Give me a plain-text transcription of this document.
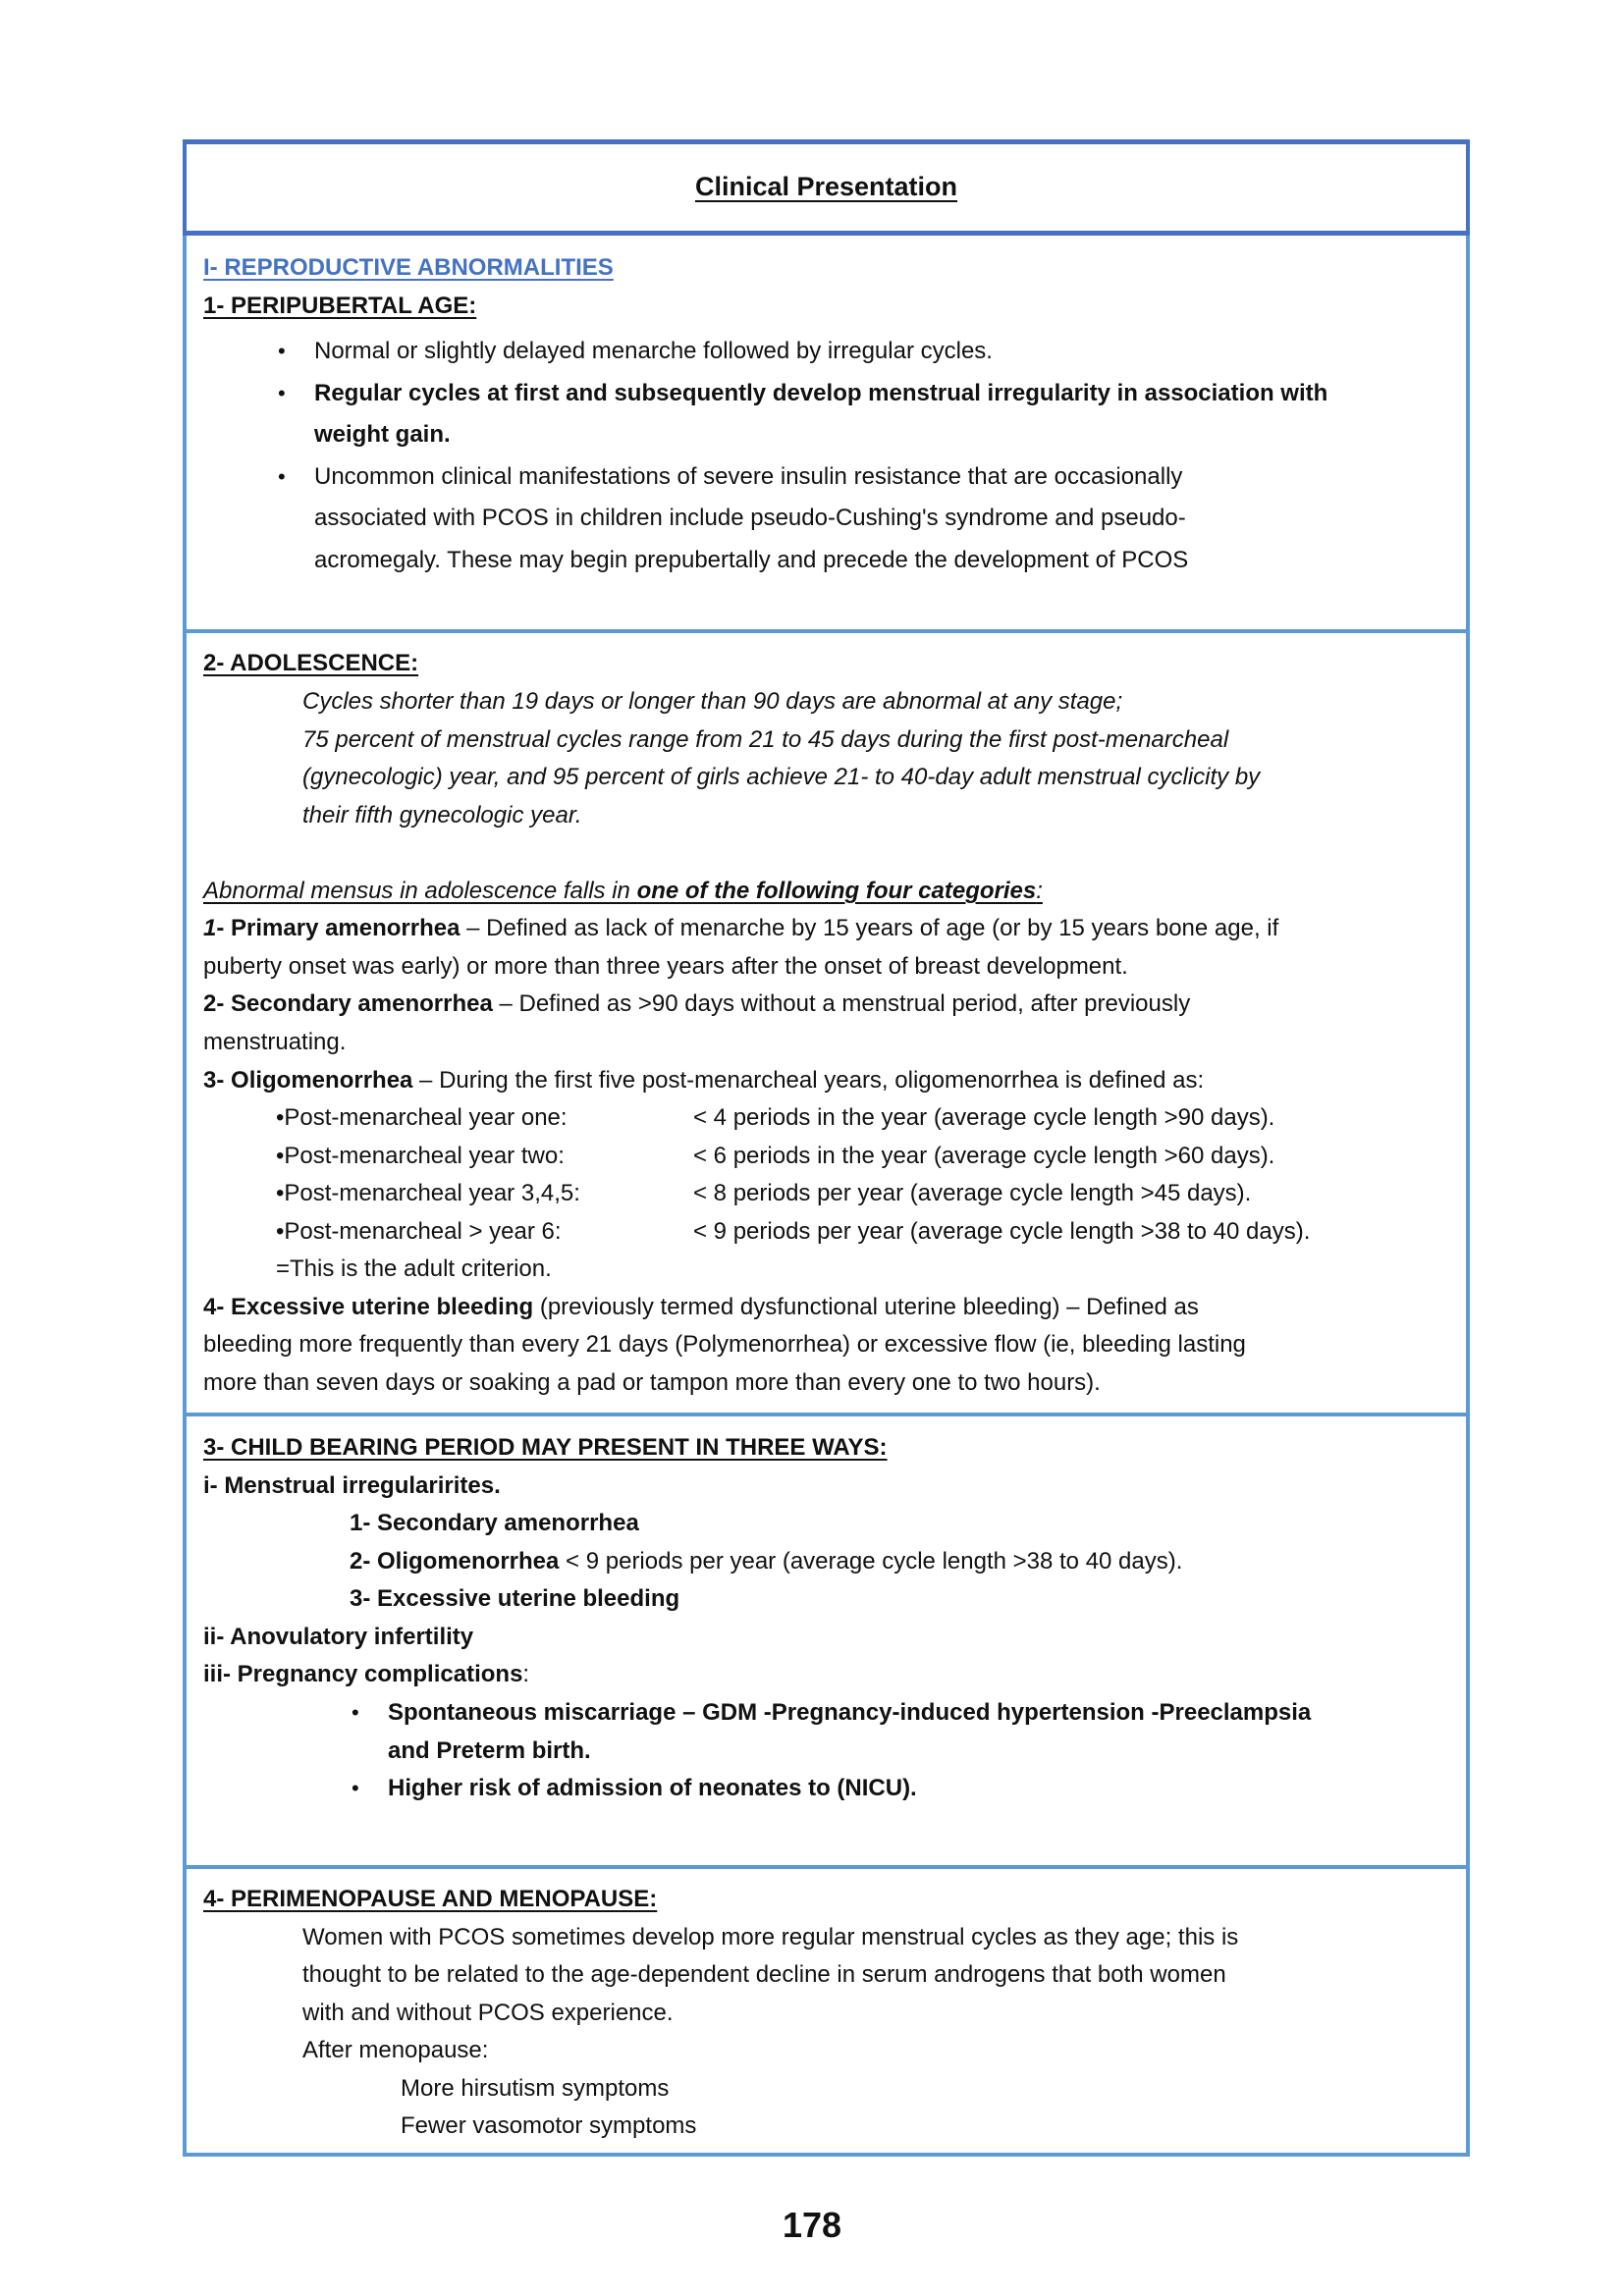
Clinical Presentation
I- REPRODUCTIVE ABNORMALITIES
1- PERIPUBERTAL AGE:
• Normal or slightly delayed menarche followed by irregular cycles.
• Regular cycles at first and subsequently develop menstrual irregularity in association with
weight gain.
• Uncommon clinical manifestations of severe insulin resistance that are occasionally
associated with PCOS in children include pseudo-Cushing's syndrome and pseudo-
acromegaly. These may begin prepubertally and precede the development of PCOS
2- ADOLESCENCE:
Cycles shorter than 19 days or longer than 90 days are abnormal at any stage;
75 percent of menstrual cycles range from 21 to 45 days during the first post-menarcheal
(gynecologic) year, and 95 percent of girls achieve 21- to 40-day adult menstrual cyclicity by
their fifth gynecologic year.
Abnormal mensus in adolescence falls in one of the following four categories:
1- Primary amenorrhea – Defined as lack of menarche by 15 years of age (or by 15 years bone age, if
puberty onset was early) or more than three years after the onset of breast development.
2- Secondary amenorrhea – Defined as >90 days without a menstrual period, after previously
menstruating.
3- Oligomenorrhea – During the first five post-menarcheal years, oligomenorrhea is defined as:
•Post-menarcheal year one:	< 4 periods in the year (average cycle length >90 days).
•Post-menarcheal year two:	< 6 periods in the year (average cycle length >60 days).
•Post-menarcheal year 3,4,5:	< 8 periods per year (average cycle length >45 days).
•Post-menarcheal > year 6:	< 9 periods per year (average cycle length >38 to 40 days).
=This is the adult criterion.
4- Excessive uterine bleeding (previously termed dysfunctional uterine bleeding) – Defined as
bleeding more frequently than every 21 days (Polymenorrhea) or excessive flow (ie, bleeding lasting
more than seven days or soaking a pad or tampon more than every one to two hours).
3- CHILD BEARING PERIOD MAY PRESENT IN THREE WAYS:
i- Menstrual irregularirites.
1- Secondary amenorrhea
2- Oligomenorrhea < 9 periods per year (average cycle length >38 to 40 days).
3- Excessive uterine bleeding
ii- Anovulatory infertility
iii- Pregnancy complications:
• Spontaneous miscarriage – GDM -Pregnancy-induced hypertension -Preeclampsia
and Preterm birth.
• Higher risk of admission of neonates to (NICU).
4- PERIMENOPAUSE AND MENOPAUSE:
Women with PCOS sometimes develop more regular menstrual cycles as they age; this is
thought to be related to the age-dependent decline in serum androgens that both women
with and without PCOS experience.
After menopause:
More hirsutism symptoms
Fewer vasomotor symptoms
178
